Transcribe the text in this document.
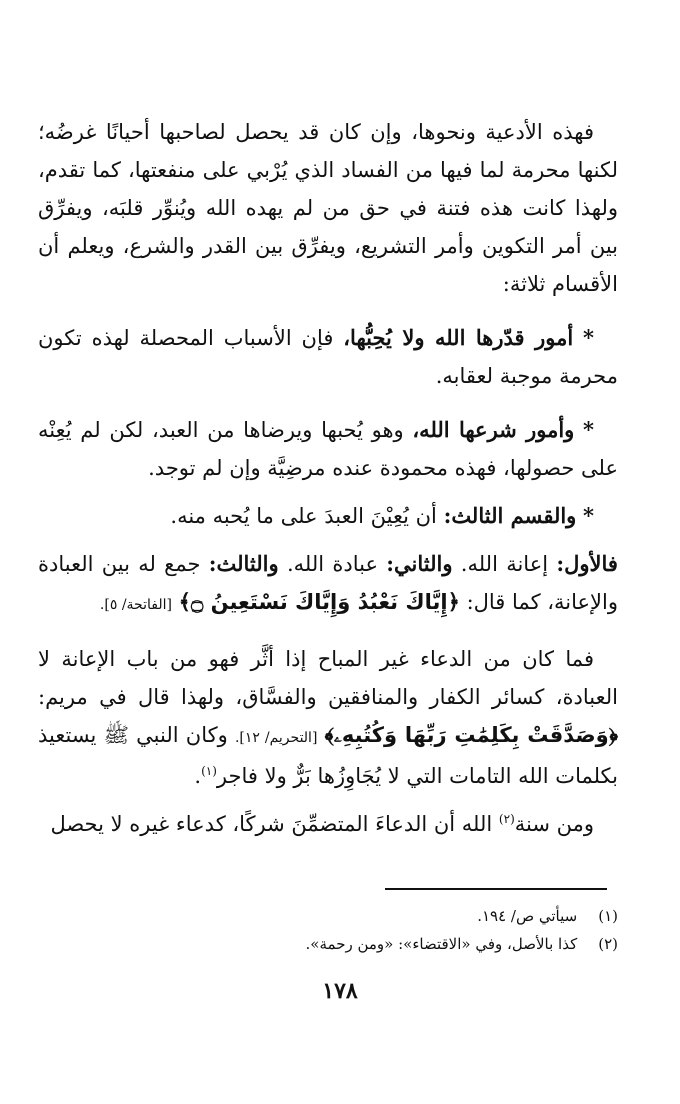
فهذه الأدعية ونحوها، وإن كان قد يحصل لصاحبها أحيانًا غرضُه؛ لكنها محرمة لما فيها من الفساد الذي يُرْبي على منفعتها، كما تقدم، ولهذا كانت هذه فتنة في حق من لم يهده الله ويُنوِّر قلبَه، ويفرِّق بين أمر التكوين وأمر التشريع، ويفرِّق بين القدر والشرع، ويعلم أن الأقسام ثلاثة:

* أمور قدّرها الله ولا يُحِبُّها، فإن الأسباب المحصلة لهذه تكون محرمة موجبة لعقابه.

* وأمور شرعها الله، وهو يُحبها ويرضاها من العبد، لكن لم يُعِنْه على حصولها، فهذه محمودة عنده مرضِيَّة وإن لم توجد.

* والقسم الثالث: أن يُعِيْنَ العبدَ على ما يُحبه منه.

فالأول: إعانة الله. والثاني: عبادة الله. والثالث: جمع له بين العبادة والإعانة، كما قال: ﴿إِيَّاكَ نَعْبُدُ وَإِيَّاكَ نَسْتَعِينُ ۝﴾ [الفاتحة/ ٥].

فما كان من الدعاء غير المباح إذا أثَّر فهو من باب الإعانة لا العبادة، كسائر الكفار والمنافقين والفسَّاق، ولهذا قال في مريم: ﴿وَصَدَّقَتْ بِكَلِمَٰتِ رَبِّهَا وَكُتُبِهِۦ﴾ [التحريم/ ١٢]. وكان النبي ﷺ يستعيذ بكلمات الله التامات التي لا يُجَاوِزُها بَرٌّ ولا فاجر$^{(١)}$.

ومن سنة$^{(٢)}$ الله أن الدعاءَ المتضمِّنَ شركًا، كدعاء غيره لا يحصل

(١) سيأتي ص/ ١٩٤.
(٢) كذا بالأصل، وفي «الاقتضاء»: «ومن رحمة».
١٧٨
